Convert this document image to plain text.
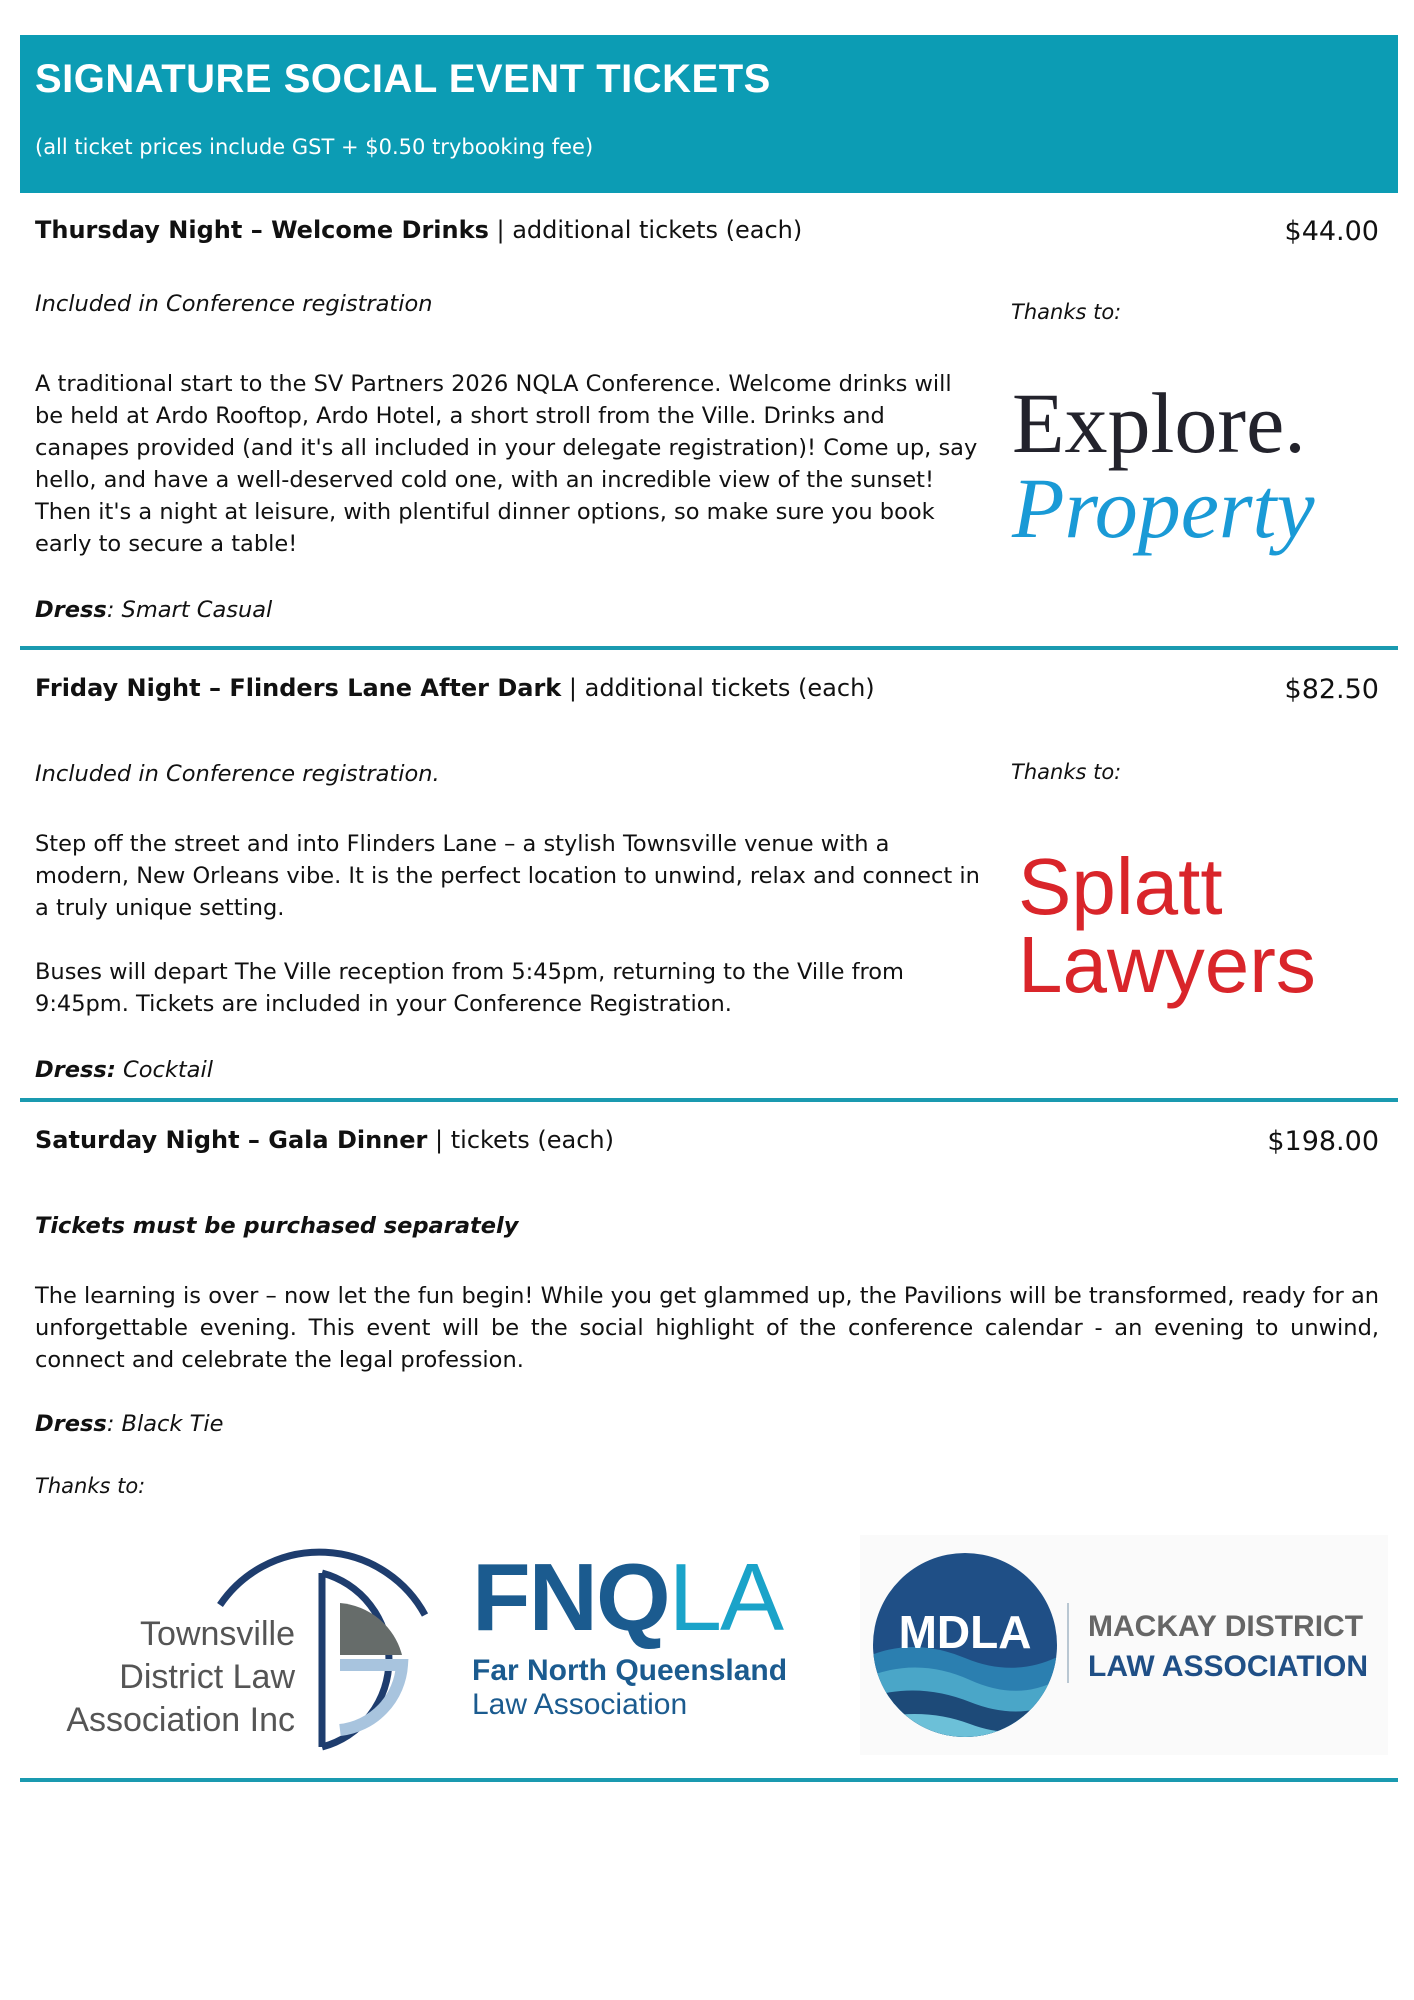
SIGNATURE SOCIAL EVENT TICKETS
(all ticket prices include GST + $0.50 trybooking fee)
Thursday Night – Welcome Drinks | additional tickets (each)	$44.00
Included in Conference registration
A traditional start to the SV Partners 2026 NQLA Conference. Welcome drinks will be held at Ardo Rooftop, Ardo Hotel, a short stroll from the Ville. Drinks and canapes provided (and it's all included in your delegate registration)! Come up, say hello, and have a well-deserved cold one, with an incredible view of the sunset! Then it's a night at leisure, with plentiful dinner options, so make sure you book early to secure a table!
Dress: Smart Casual
Thanks to:
Explore.
Property
Friday Night – Flinders Lane After Dark | additional tickets (each)	$82.50
Included in Conference registration.
Step off the street and into Flinders Lane – a stylish Townsville venue with a modern, New Orleans vibe. It is the perfect location to unwind, relax and connect in a truly unique setting.
Buses will depart The Ville reception from 5:45pm, returning to the Ville from 9:45pm. Tickets are included in your Conference Registration.
Dress: Cocktail
Thanks to:
Splatt
Lawyers
Saturday Night – Gala Dinner | tickets (each)	$198.00
Tickets must be purchased separately
The learning is over – now let the fun begin! While you get glammed up, the Pavilions will be transformed, ready for an unforgettable evening. This event will be the social highlight of the conference calendar - an evening to unwind, connect and celebrate the legal profession.
Dress: Black Tie
Thanks to:
Townsville
District Law
Association Inc
FNQLA
Far North Queensland
Law Association
MDLA MACKAY DISTRICT
LAW ASSOCIATION
